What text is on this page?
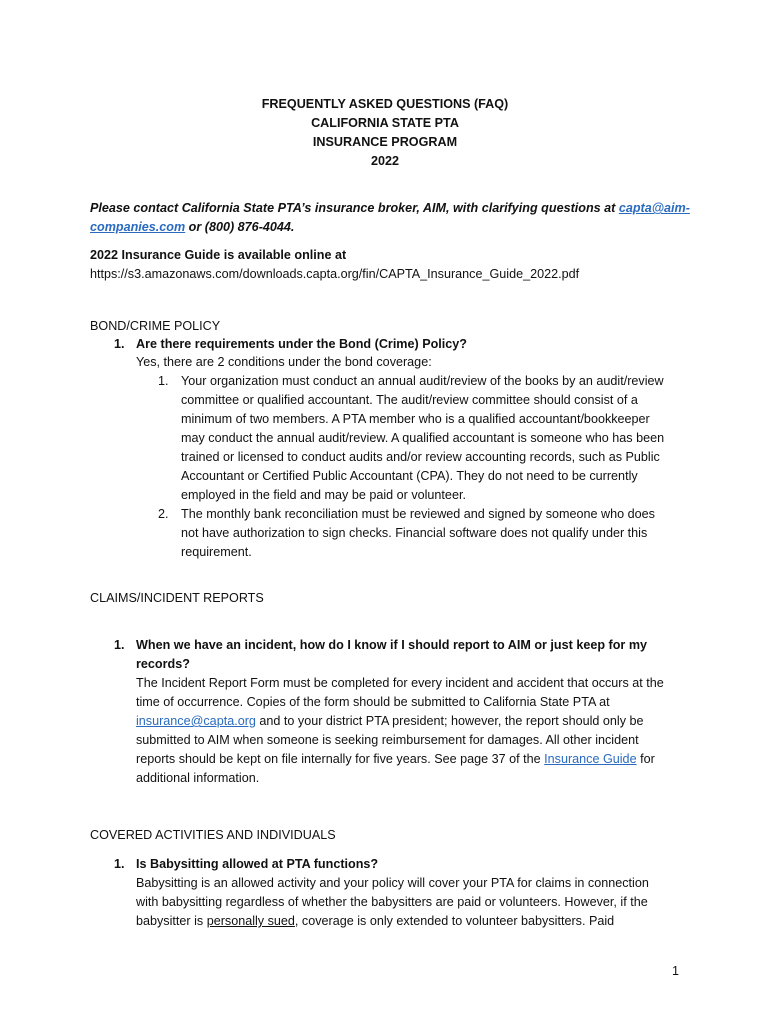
FREQUENTLY ASKED QUESTIONS (FAQ)
CALIFORNIA STATE PTA
INSURANCE PROGRAM
2022
Please contact California State PTA’s insurance broker, AIM, with clarifying questions at capta@aim-
companies.com or (800) 876-4044.
2022 Insurance Guide is available online at
https://s3.amazonaws.com/downloads.capta.org/fin/CAPTA_Insurance_Guide_2022.pdf
BOND/CRIME POLICY
1. Are there requirements under the Bond (Crime) Policy?
Yes, there are 2 conditions under the bond coverage:
1. Your organization must conduct an annual audit/review of the books by an audit/review
committee or qualified accountant. The audit/review committee should consist of a
minimum of two members. A PTA member who is a qualified accountant/bookkeeper
may conduct the annual audit/review. A qualified accountant is someone who has been
trained or licensed to conduct audits and/or review accounting records, such as Public
Accountant or Certified Public Accountant (CPA). They do not need to be currently
employed in the field and may be paid or volunteer.
2. The monthly bank reconciliation must be reviewed and signed by someone who does
not have authorization to sign checks. Financial software does not qualify under this
requirement.
CLAIMS/INCIDENT REPORTS
1. When we have an incident, how do I know if I should report to AIM or just keep for my
records?
The Incident Report Form must be completed for every incident and accident that occurs at the
time of occurrence. Copies of the form should be submitted to California State PTA at
insurance@capta.org and to your district PTA president; however, the report should only be
submitted to AIM when someone is seeking reimbursement for damages. All other incident
reports should be kept on file internally for five years. See page 37 of the Insurance Guide for
additional information.
COVERED ACTIVITIES AND INDIVIDUALS
1. Is Babysitting allowed at PTA functions?
Babysitting is an allowed activity and your policy will cover your PTA for claims in connection
with babysitting regardless of whether the babysitters are paid or volunteers. However, if the
babysitter is personally sued, coverage is only extended to volunteer babysitters. Paid
1
